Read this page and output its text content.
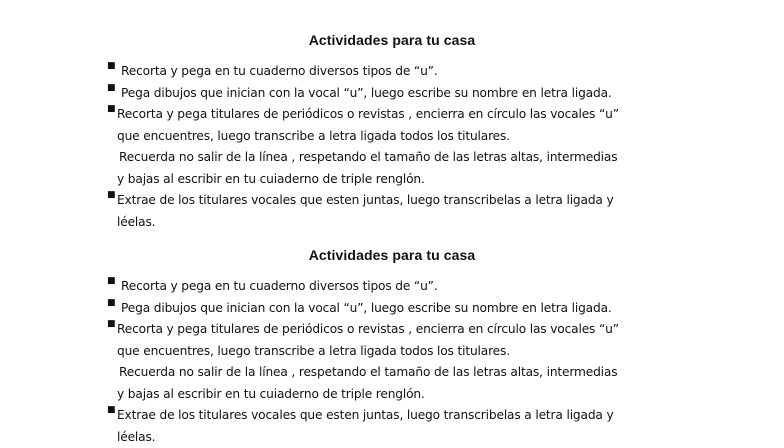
Actividades para tu casa
Recorta y pega en tu cuaderno diversos tipos de “u”.
■
Pega dibujos que inician con la vocal “u”, luego escribe su nombre en letra ligada.
■
Recorta y pega titulares de periódicos o revistas , encierra en círculo las vocales “u”
que encuentres, luego transcribe a letra ligada todos los titulares.
Recuerda no salir de la línea , respetando el tamaño de las letras altas, intermedias
y bajas al escribir en tu cuiaderno de triple renglón.
■
Extrae de los titulares vocales que esten juntas, luego transcribelas a letra ligada y
léelas.
■
Actividades para tu casa
Recorta y pega en tu cuaderno diversos tipos de “u”.
■
Pega dibujos que inician con la vocal “u”, luego escribe su nombre en letra ligada.
■
Recorta y pega titulares de periódicos o revistas , encierra en círculo las vocales “u”
que encuentres, luego transcribe a letra ligada todos los titulares.
Recuerda no salir de la línea , respetando el tamaño de las letras altas, intermedias
y bajas al escribir en tu cuiaderno de triple renglón.
■
Extrae de los titulares vocales que esten juntas, luego transcribelas a letra ligada y
léelas.
■
